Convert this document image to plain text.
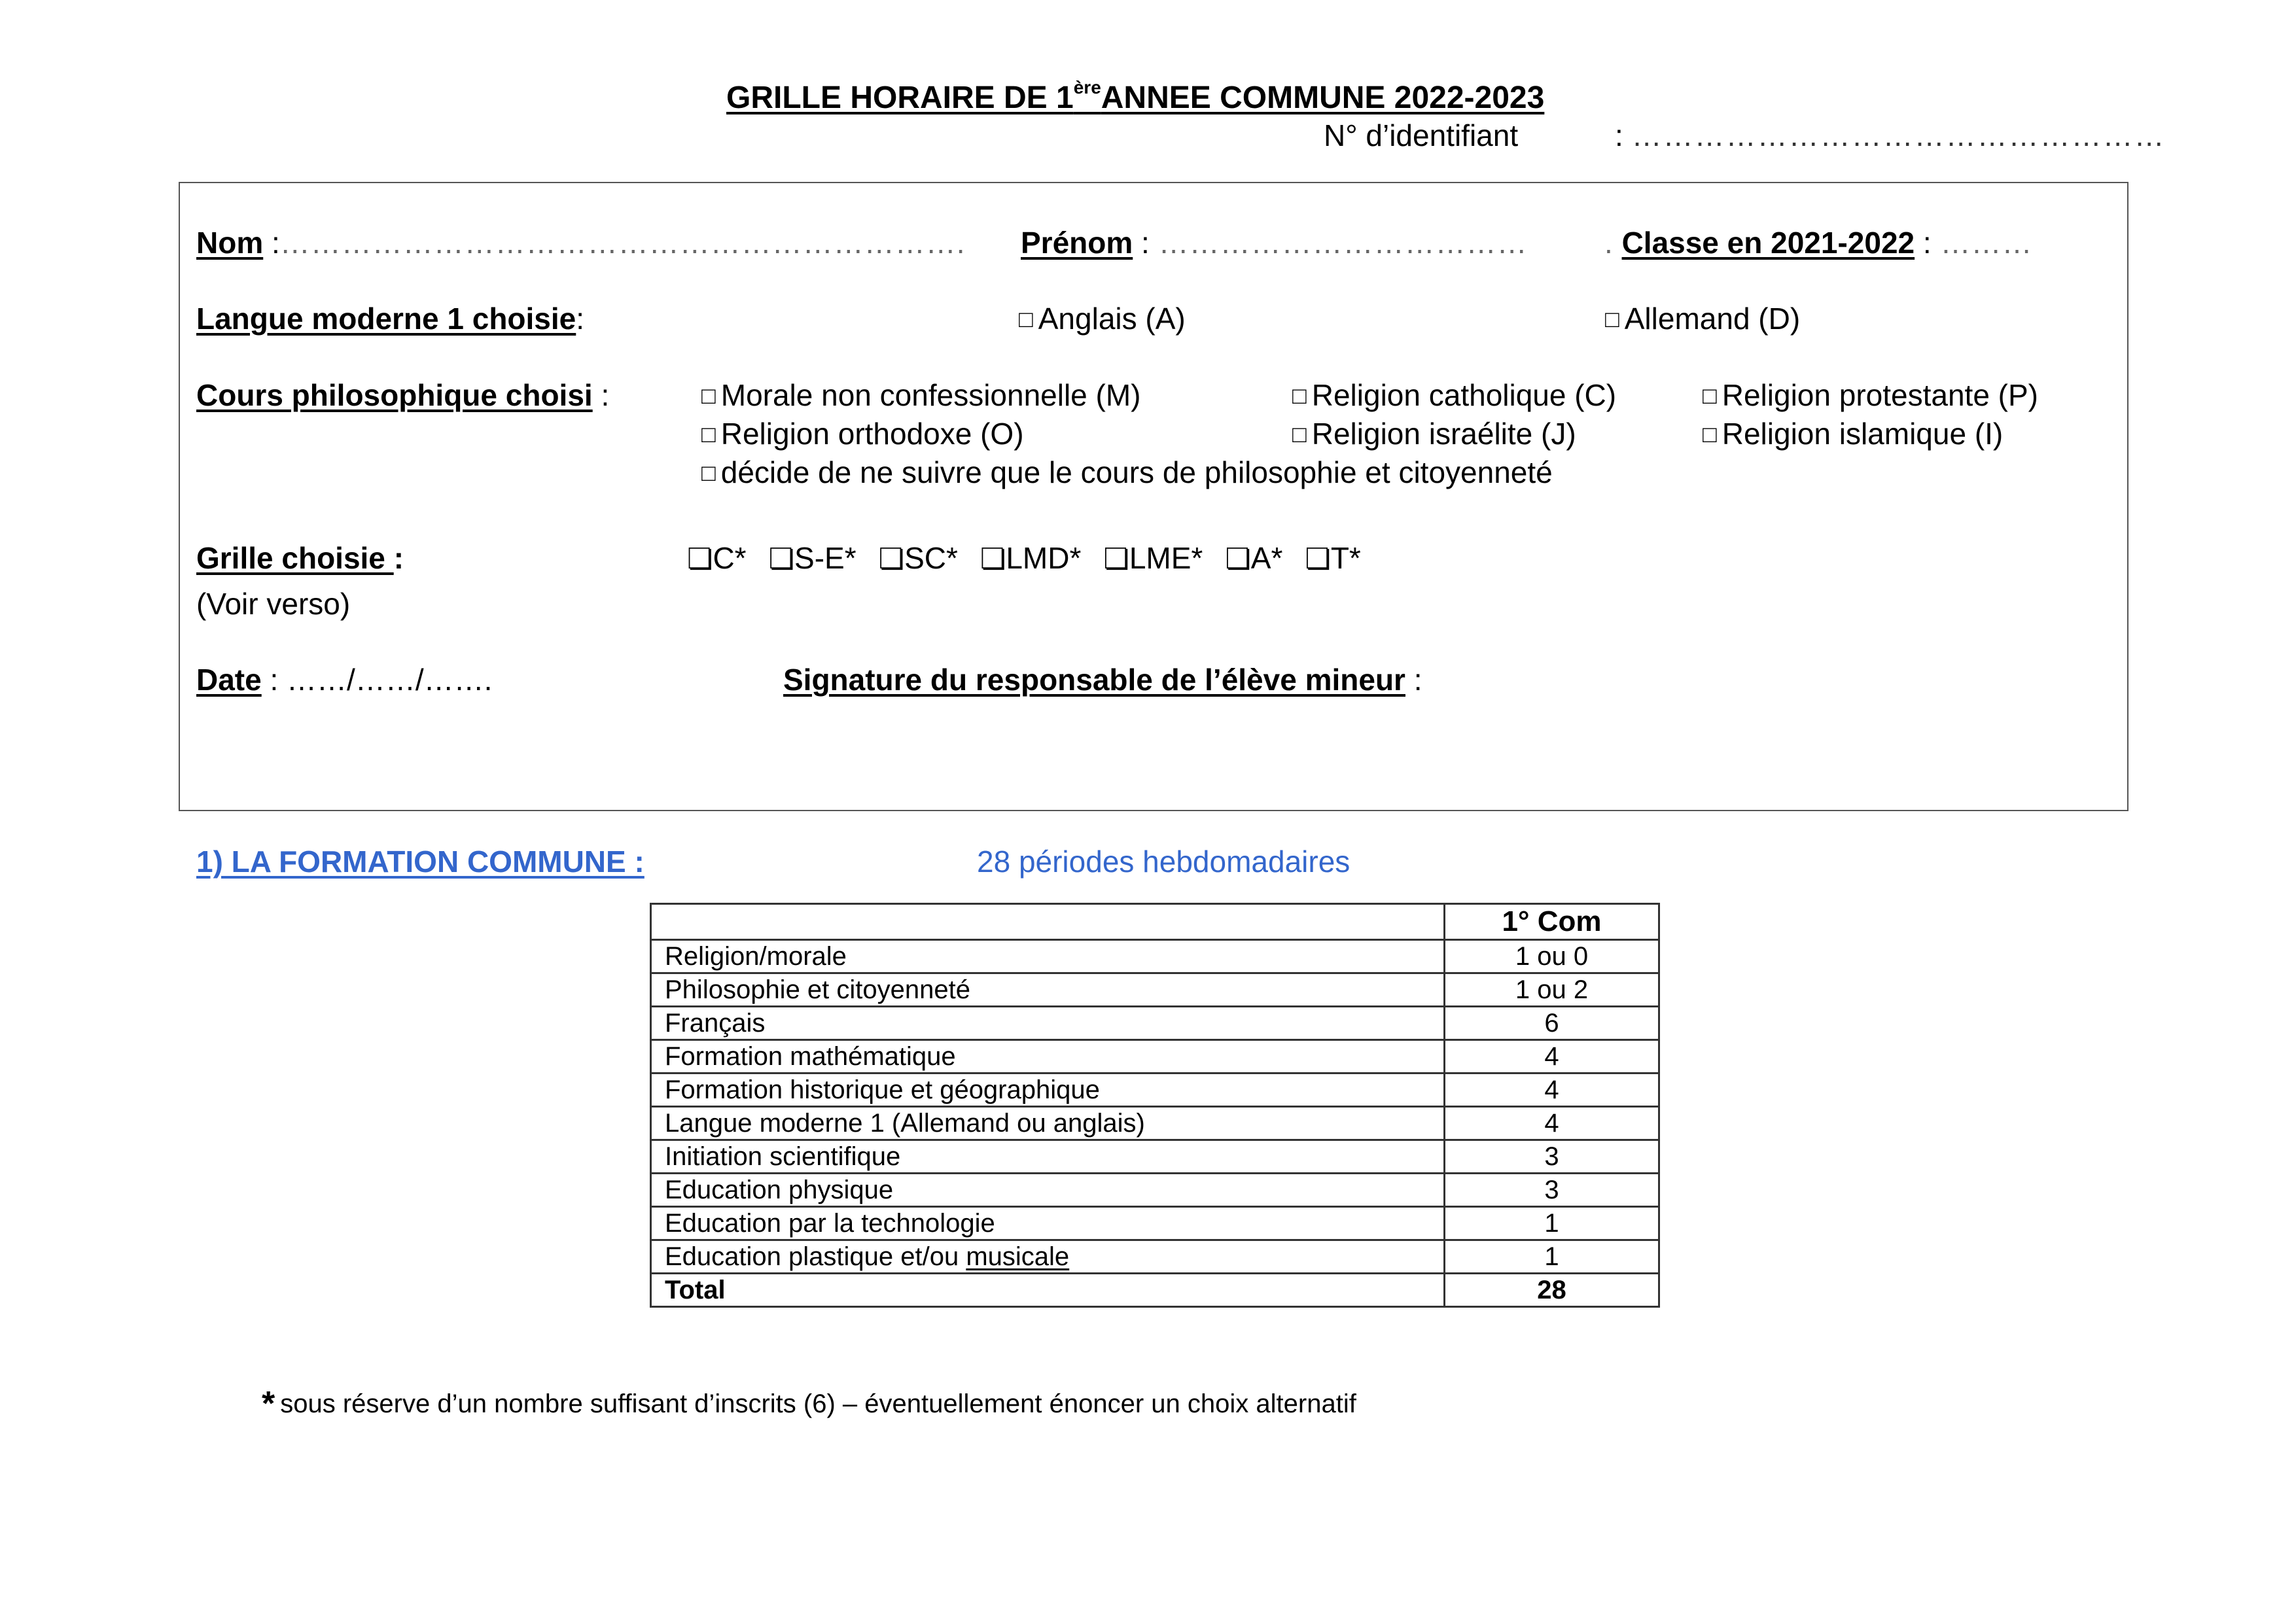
GRILLE HORAIRE DE 1èreANNEE COMMUNE 2022-2023
N° d’identifiant	: ……………………………………………
Nom :…………………………………………………………. Prénom : ………………………………	. Classe en 2021-2022 : ………
Langue moderne 1 choisie:	□ Anglais (A)	□ Allemand (D)
Cours philosophique choisi :	□ Morale non confessionnelle (M)	□ Religion catholique (C)	□ Religion protestante (P)
□ Religion orthodoxe (O)	□ Religion israélite (J)	□ Religion islamique (I)
□ décide de ne suivre que le cours de philosophie et citoyenneté
Grille choisie :	❏C* ❏S-E* ❏SC* ❏LMD* ❏LME* ❏A* ❏T*
(Voir verso)
Date : ……/……/…….	Signature du responsable de l’élève mineur :
1) LA FORMATION COMMUNE :	28 périodes hebdomadaires
	1° Com
Religion/morale	1 ou 0
Philosophie et citoyenneté	1 ou 2
Français	6
Formation mathématique	4
Formation historique et géographique	4
Langue moderne 1 (Allemand ou anglais)	4
Initiation scientifique	3
Education physique	3
Education par la technologie	1
Education plastique et/ou musicale	1
Total	28
* sous réserve d’un nombre suffisant d’inscrits (6) – éventuellement énoncer un choix alternatif
